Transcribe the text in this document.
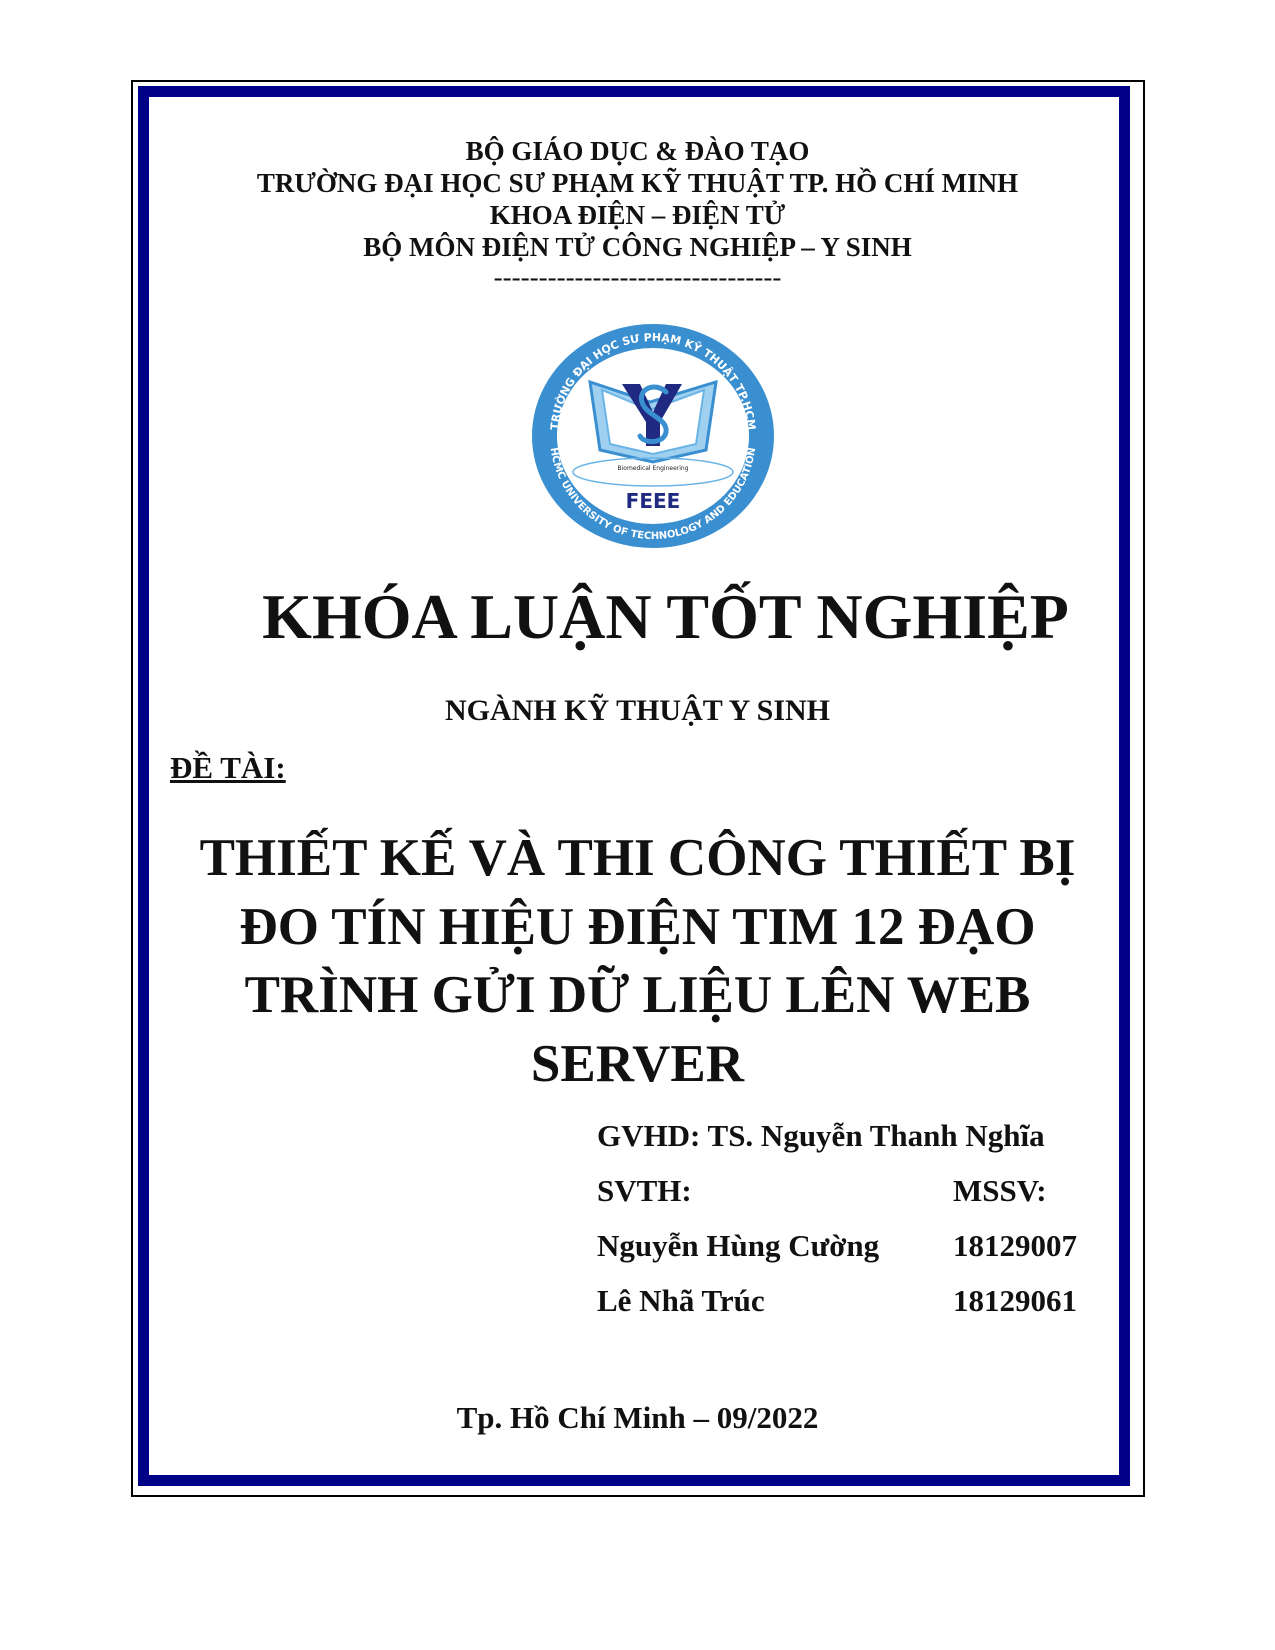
BỘ GIÁO DỤC & ĐÀO TẠO
TRƯỜNG ĐẠI HỌC SƯ PHẠM KỸ THUẬT TP. HỒ CHÍ MINH
KHOA ĐIỆN – ĐIỆN TỬ
BỘ MÔN ĐIỆN TỬ CÔNG NGHIỆP – Y SINH
--------------------------------
TRƯỜNG ĐẠI HỌC SƯ PHẠM KỸ THUẬT TP.HCM
HCMC UNIVERSITY OF TECHNOLOGY AND EDUCATION
Biomedical Engineering
FEEE
KHÓA LUẬN TỐT NGHIỆP
NGÀNH KỸ THUẬT Y SINH
ĐỀ TÀI:
THIẾT KẾ VÀ THI CÔNG THIẾT BỊ
ĐO TÍN HIỆU ĐIỆN TIM 12 ĐẠO
TRÌNH GỬI DỮ LIỆU LÊN WEB
SERVER
GVHD: TS. Nguyễn Thanh Nghĩa
SVTH:	MSSV:
Nguyễn Hùng Cường 18129007
Lê Nhã Trúc	18129061
Tp. Hồ Chí Minh – 09/2022
